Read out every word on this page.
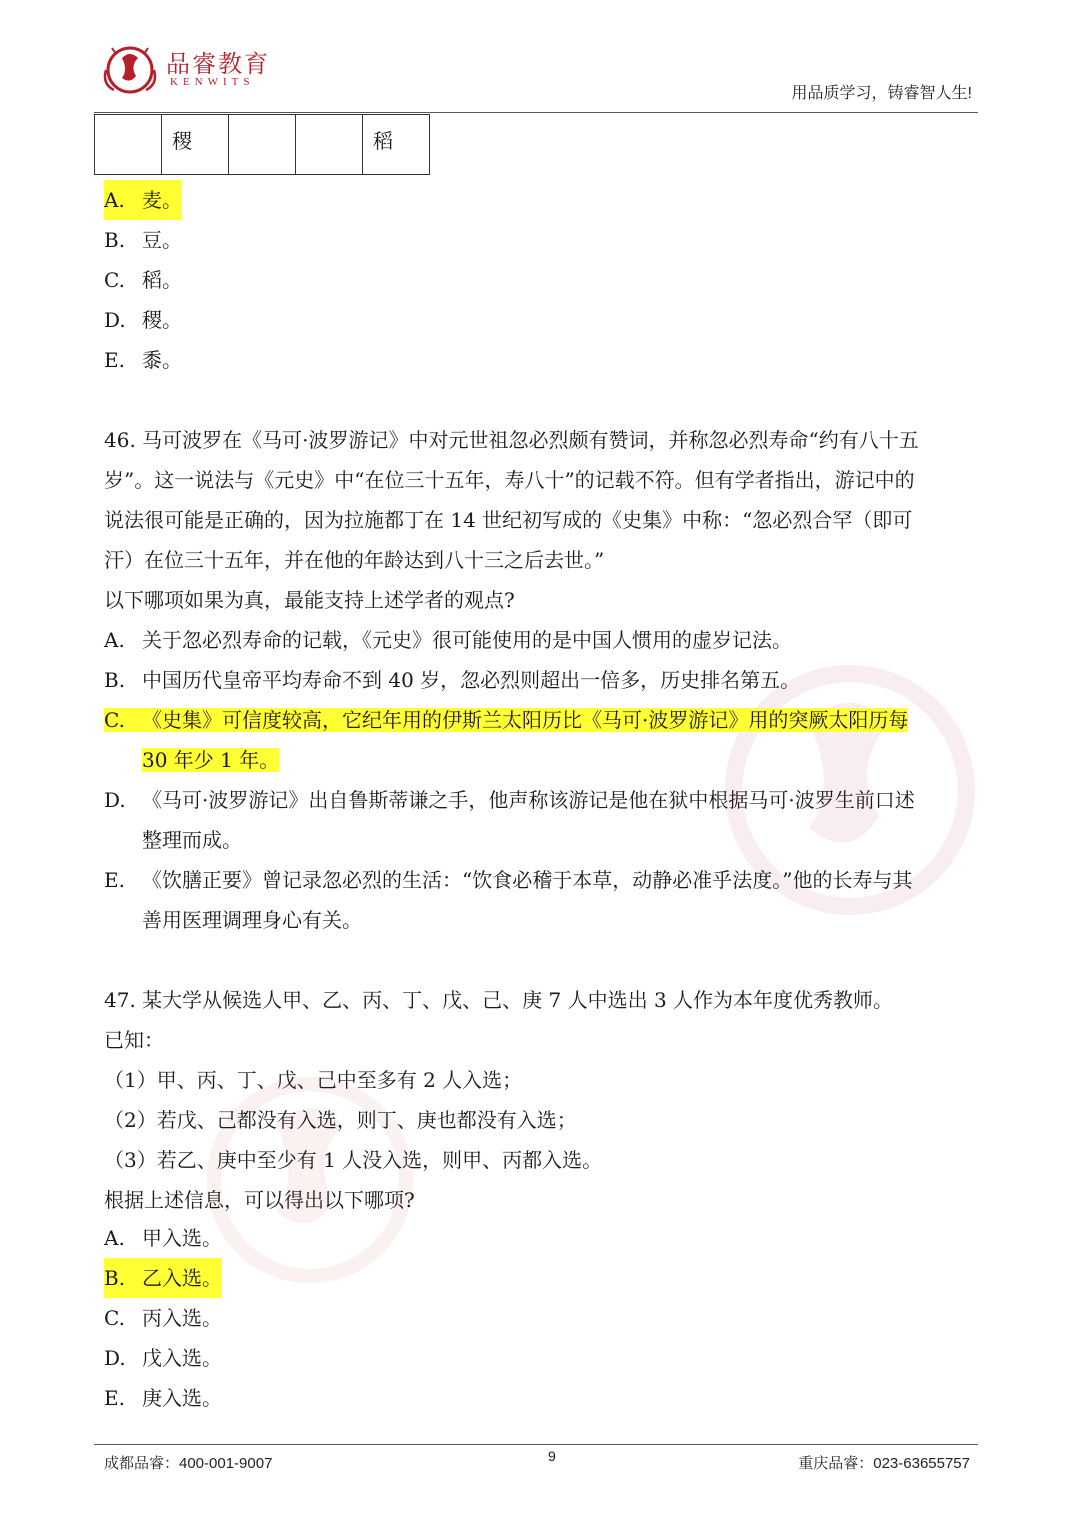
品睿教育
KENWITS
用品质学习，铸睿智人生!
	稷			稻
A. 麦。
B. 豆。
C. 稻。
D. 稷。
E. 黍。
46. 马可波罗在《马可·波罗游记》中对元世祖忽必烈颇有赞词，并称忽必烈寿命“约有八十五
岁”。这一说法与《元史》中“在位三十五年，寿八十”的记载不符。但有学者指出，游记中的
说法很可能是正确的，因为拉施都丁在 14 世纪初写成的《史集》中称：“忽必烈合罕（即可
汗）在位三十五年，并在他的年龄达到八十三之后去世。”
以下哪项如果为真，最能支持上述学者的观点?
A. 关于忽必烈寿命的记载，《元史》很可能使用的是中国人惯用的虚岁记法。
B. 中国历代皇帝平均寿命不到 40 岁，忽必烈则超出一倍多，历史排名第五。
C. 《史集》可信度较高，它纪年用的伊斯兰太阳历比《马可·波罗游记》用的突厥太阳历每
30 年少 1 年。
D. 《马可·波罗游记》出自鲁斯蒂谦之手，他声称该游记是他在狱中根据马可·波罗生前口述
整理而成。
E. 《饮膳正要》曾记录忽必烈的生活：“饮食必稽于本草，动静必准乎法度。”他的长寿与其
善用医理调理身心有关。
47. 某大学从候选人甲、乙、丙、丁、戊、己、庚 7 人中选出 3 人作为本年度优秀教师。
已知：
（1）甲、丙、丁、戊、己中至多有 2 人入选；
（2）若戊、己都没有入选，则丁、庚也都没有入选；
（3）若乙、庚中至少有 1 人没入选，则甲、丙都入选。
根据上述信息，可以得出以下哪项?
A. 甲入选。
B. 乙入选。
C. 丙入选。
D. 戊入选。
E. 庚入选。
成都品睿：400-001-9007	9	重庆品睿：023-63655757
